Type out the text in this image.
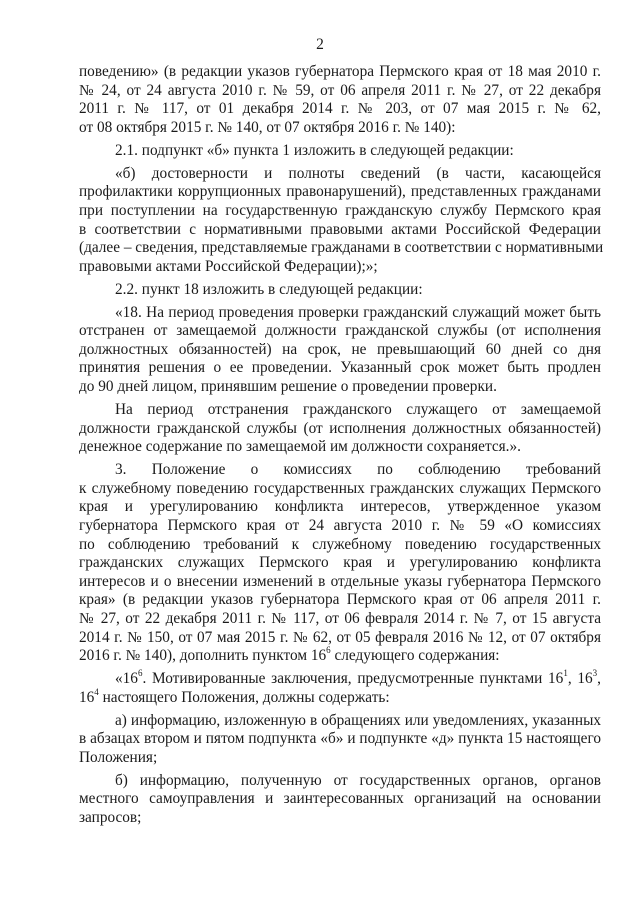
2
поведению» (в редакции указов губернатора Пермского края от 18 мая 2010 г.
№ 24, от 24 августа 2010 г. № 59, от 06 апреля 2011 г. № 27, от 22 декабря
2011 г. № 117, от 01 декабря 2014 г. № 203, от 07 мая 2015 г. № 62,
от 08 октября 2015 г. № 140, от 07 октября 2016 г. № 140):
2.1. подпункт «б» пункта 1 изложить в следующей редакции:
«б) достоверности и полноты сведений (в части, касающейся
профилактики коррупционных правонарушений), представленных гражданами
при поступлении на государственную гражданскую службу Пермского края
в соответствии с нормативными правовыми актами Российской Федерации
(далее – сведения, представляемые гражданами в соответствии с нормативными
правовыми актами Российской Федерации);»;
2.2. пункт 18 изложить в следующей редакции:
«18. На период проведения проверки гражданский служащий может быть
отстранен от замещаемой должности гражданской службы (от исполнения
должностных обязанностей) на срок, не превышающий 60 дней со дня
принятия решения о ее проведении. Указанный срок может быть продлен
до 90 дней лицом, принявшим решение о проведении проверки.
На период отстранения гражданского служащего от замещаемой
должности гражданской службы (от исполнения должностных обязанностей)
денежное содержание по замещаемой им должности сохраняется.».
3. Положение о комиссиях по соблюдению требований
к служебному поведению государственных гражданских служащих Пермского
края и урегулированию конфликта интересов, утвержденное указом
губернатора Пермского края от 24 августа 2010 г. № 59 «О комиссиях
по соблюдению требований к служебному поведению государственных
гражданских служащих Пермского края и урегулированию конфликта
интересов и о внесении изменений в отдельные указы губернатора Пермского
края» (в редакции указов губернатора Пермского края от 06 апреля 2011 г.
№ 27, от 22 декабря 2011 г. № 117, от 06 февраля 2014 г. № 7, от 15 августа
2014 г. № 150, от 07 мая 2015 г. № 62, от 05 февраля 2016 № 12, от 07 октября
2016 г. № 140), дополнить пунктом $16^6$ следующего содержания:
«$16^6$. Мотивированные заключения, предусмотренные пунктами $16^1$, $16^3$,
$16^4$ настоящего Положения, должны содержать:
а) информацию, изложенную в обращениях или уведомлениях, указанных
в абзацах втором и пятом подпункта «б» и подпункте «д» пункта 15 настоящего
Положения;
б) информацию, полученную от государственных органов, органов
местного самоуправления и заинтересованных организаций на основании
запросов;
